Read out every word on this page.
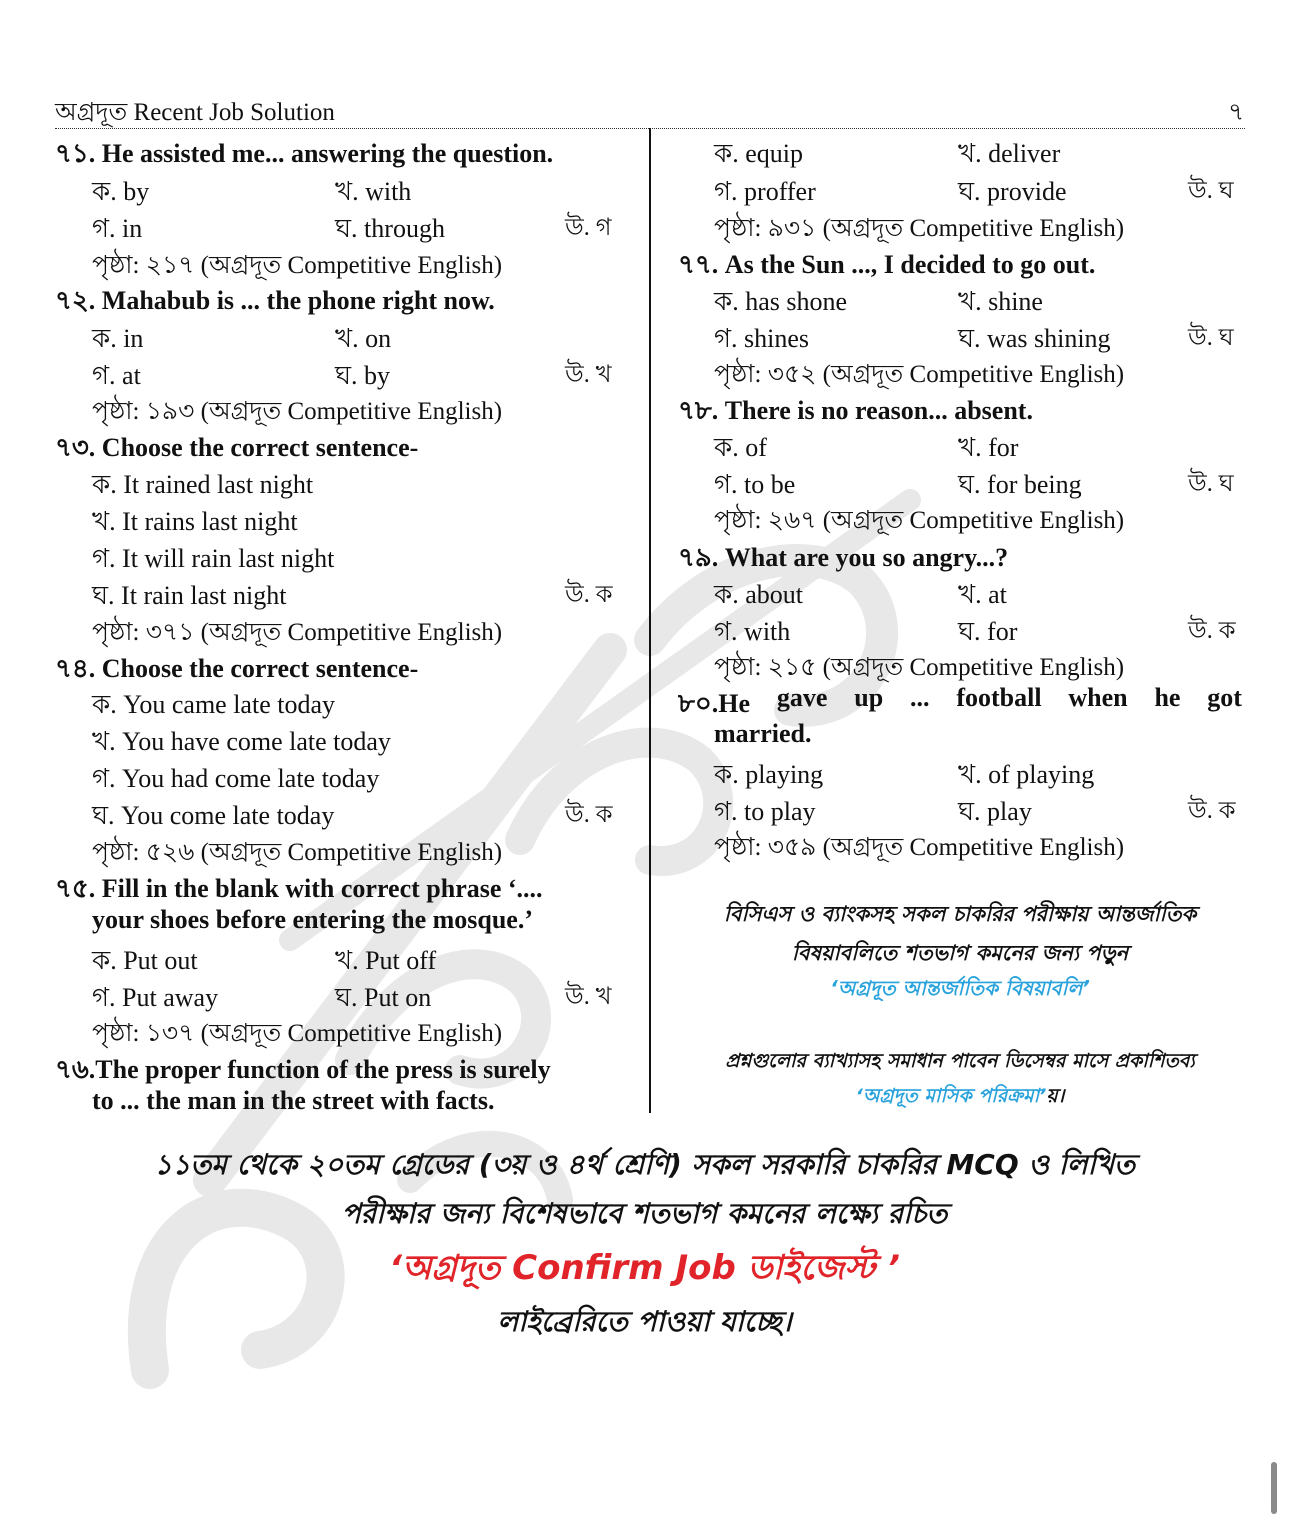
অগ্রদূত Recent Job Solution	৭
৭১. He assisted me... answering the question.
ক. by	খ. with
গ. in	ঘ. through	উ. গ
পৃষ্ঠা: ২১৭ (অগ্রদূত Competitive English)
৭২. Mahabub is ... the phone right now.
ক. in	খ. on
গ. at	ঘ. by	উ. খ
পৃষ্ঠা: ১৯৩ (অগ্রদূত Competitive English)
৭৩. Choose the correct sentence-
ক. It rained last night
খ. It rains last night
গ. It will rain last night
ঘ. It rain last night	উ. ক
পৃষ্ঠা: ৩৭১ (অগ্রদূত Competitive English)
৭৪. Choose the correct sentence-
ক. You came late today
খ. You have come late today
গ. You had come late today
ঘ. You come late today	উ. ক
পৃষ্ঠা: ৫২৬ (অগ্রদূত Competitive English)
৭৫. Fill in the blank with correct phrase ‘....
your shoes before entering the mosque.’
ক. Put out	খ. Put off
গ. Put away	ঘ. Put on	উ. খ
পৃষ্ঠা: ১৩৭ (অগ্রদূত Competitive English)
৭৬.The proper function of the press is surely
to ... the man in the street with facts.
ক. equip	খ. deliver
গ. proffer	ঘ. provide	উ. ঘ
পৃষ্ঠা: ৯৩১ (অগ্রদূত Competitive English)
৭৭. As the Sun ..., I decided to go out.
ক. has shone	খ. shine
গ. shines	ঘ. was shining	উ. ঘ
পৃষ্ঠা: ৩৫২ (অগ্রদূত Competitive English)
৭৮. There is no reason... absent.
ক. of	খ. for
গ. to be	ঘ. for being	উ. ঘ
পৃষ্ঠা: ২৬৭ (অগ্রদূত Competitive English)
৭৯. What are you so angry...?
ক. about	খ. at
গ. with	ঘ. for	উ. ক
পৃষ্ঠা: ২১৫ (অগ্রদূত Competitive English)
৮০.He gave up ... football when he got
married.
ক. playing	খ. of playing
গ. to play	ঘ. play	উ. ক
পৃষ্ঠা: ৩৫৯ (অগ্রদূত Competitive English)
বিসিএস ও ব্যাংকসহ সকল চাকরির পরীক্ষায় আন্তর্জাতিক
বিষয়াবলিতে শতভাগ কমনের জন্য পড়ুন
‘অগ্রদূত আন্তর্জাতিক বিষয়াবলি’
প্রশ্নগুলোর ব্যাখ্যাসহ সমাধান পাবেন ডিসেম্বর মাসে প্রকাশিতব্য
‘অগ্রদূত মাসিক পরিক্রমা’য়।
১১তম থেকে ২০তম গ্রেডের (৩য় ও ৪র্থ শ্রেণি) সকল সরকারি চাকরির MCQ ও লিখিত
পরীক্ষার জন্য বিশেষভাবে শতভাগ কমনের লক্ষ্যে রচিত
‘অগ্রদূত Confirm Job ডাইজেস্ট ’
লাইব্রেরিতে পাওয়া যাচ্ছে।
